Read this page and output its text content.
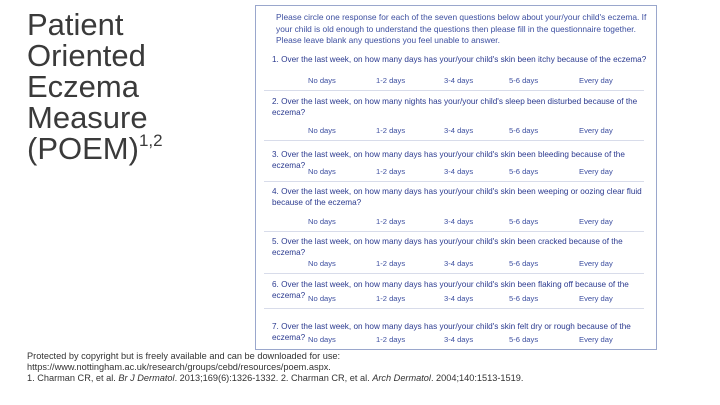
Patient
Oriented
Eczema
Measure
(POEM)$^{1,2}$
Please circle one response for each of the seven questions below about your/your child's eczema. If your child is old enough to understand the questions then please fill in the questionnaire together. Please leave blank any questions you feel unable to answer.
1. Over the last week, on how many days has your/your child's skin been itchy because of the eczema?
No days	1-2 days	3-4 days	5-6 days	Every day
2. Over the last week, on how many nights has your/your child's sleep been disturbed because of the eczema?
No days	1-2 days	3-4 days	5-6 days	Every day
3. Over the last week, on how many days has your/your child's skin been bleeding because of the eczema?
No days	1-2 days	3-4 days	5-6 days	Every day
4. Over the last week, on how many days has your/your child's skin been weeping or oozing clear fluid because of the eczema?
No days	1-2 days	3-4 days	5-6 days	Every day
5. Over the last week, on how many days has your/your child's skin been cracked because of the eczema?
No days	1-2 days	3-4 days	5-6 days	Every day
6. Over the last week, on how many days has your/your child's skin been flaking off because of the eczema? No days	1-2 days	3-4 days	5-6 days	Every day
7. Over the last week, on how many days has your/your child's skin felt dry or rough because of the eczema? No days	1-2 days	3-4 days	5-6 days	Every day
Protected by copyright but is freely available and can be downloaded for use:
https://www.nottingham.ac.uk/research/groups/cebd/resources/poem.aspx.
1. Charman CR, et al. Br J Dermatol. 2013;169(6):1326-1332. 2. Charman CR, et al. Arch Dermatol. 2004;140:1513-1519.
